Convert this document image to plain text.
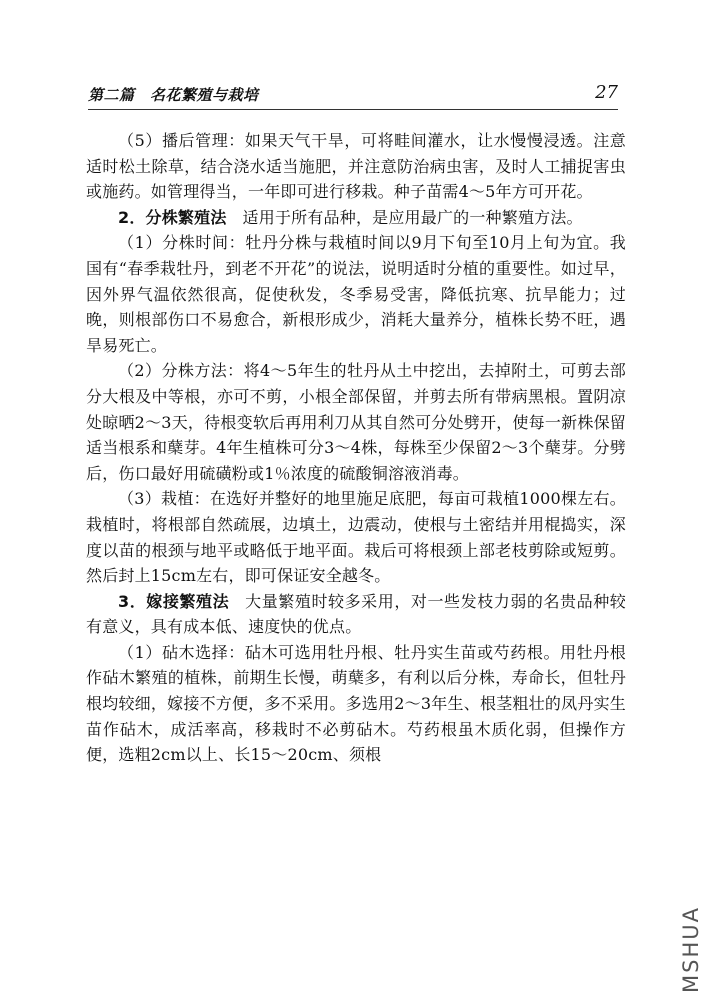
第二篇　名花繁殖与栽培	27

（5）播后管理：如果天气干旱，可将畦间灌水，让水慢慢浸透。注意适时松土除草，结合浇水适当施肥，并注意防治病虫害，及时人工捕捉害虫或施药。如管理得当，一年即可进行移栽。种子苗需4～5年方可开花。

2．分株繁殖法 适用于所有品种，是应用最广的一种繁殖方法。

（1）分株时间：牡丹分株与栽植时间以9月下旬至10月上旬为宜。我国有“春季栽牡丹，到老不开花”的说法，说明适时分植的重要性。如过早，因外界气温依然很高，促使秋发，冬季易受害，降低抗寒、抗旱能力；过晚，则根部伤口不易愈合，新根形成少，消耗大量养分，植株长势不旺，遇旱易死亡。

（2）分株方法：将4～5年生的牡丹从土中挖出，去掉附土，可剪去部分大根及中等根，亦可不剪，小根全部保留，并剪去所有带病黑根。置阴凉处晾晒2～3天，待根变软后再用利刀从其自然可分处劈开，使每一新株保留适当根系和蘖芽。4年生植株可分3～4株，每株至少保留2～3个蘖芽。分劈后，伤口最好用硫磺粉或1％浓度的硫酸铜溶液消毒。

（3）栽植：在选好并整好的地里施足底肥，每亩可栽植1000棵左右。栽植时，将根部自然疏展，边填土，边震动，使根与土密结并用棍捣实，深度以苗的根颈与地平或略低于地平面。栽后可将根颈上部老枝剪除或短剪。然后封上15cm左右，即可保证安全越冬。

3．嫁接繁殖法 大量繁殖时较多采用，对一些发枝力弱的名贵品种较有意义，具有成本低、速度快的优点。

（1）砧木选择：砧木可选用牡丹根、牡丹实生苗或芍药根。用牡丹根作砧木繁殖的植株，前期生长慢，萌蘖多，有利以后分株，寿命长，但牡丹根均较细，嫁接不方便，多不采用。多选用2～3年生、根茎粗壮的凤丹实生苗作砧木，成活率高，移栽时不必剪砧木。芍药根虽木质化弱，但操作方便，选粗2cm以上、长15～20cm、须根

MSHUA
